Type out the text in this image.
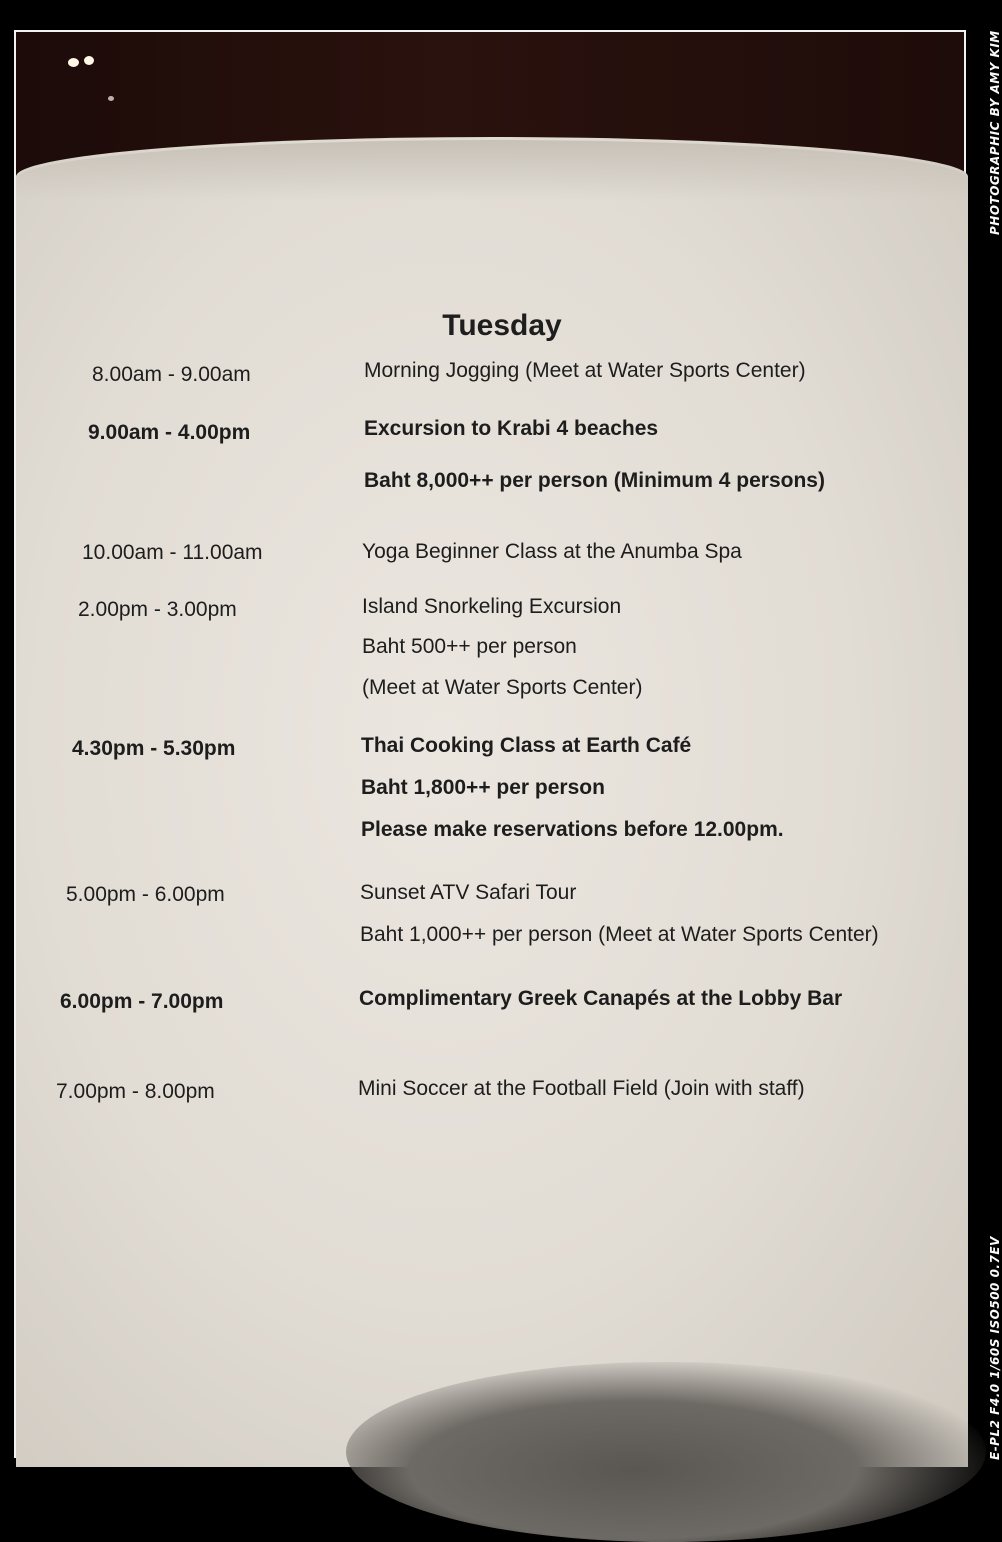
Tuesday
8.00am - 9.00am	Morning Jogging (Meet at Water Sports Center)
9.00am - 4.00pm	Excursion to Krabi 4 beaches
Baht 8,000++ per person (Minimum 4 persons)
10.00am - 11.00am	Yoga Beginner Class at the Anumba Spa
2.00pm - 3.00pm	Island Snorkeling Excursion
Baht 500++ per person
(Meet at Water Sports Center)
4.30pm - 5.30pm	Thai Cooking Class at Earth Café
Baht 1,800++ per person
Please make reservations before 12.00pm.
5.00pm - 6.00pm	Sunset ATV Safari Tour
Baht 1,000++ per person (Meet at Water Sports Center)
6.00pm - 7.00pm	Complimentary Greek Canapés at the Lobby Bar
7.00pm - 8.00pm	Mini Soccer at the Football Field (Join with staff)
PHOTOGRAPHIC BY AMY KIM
E-PL2 F4.0 1/60S ISO500 0.7EV
